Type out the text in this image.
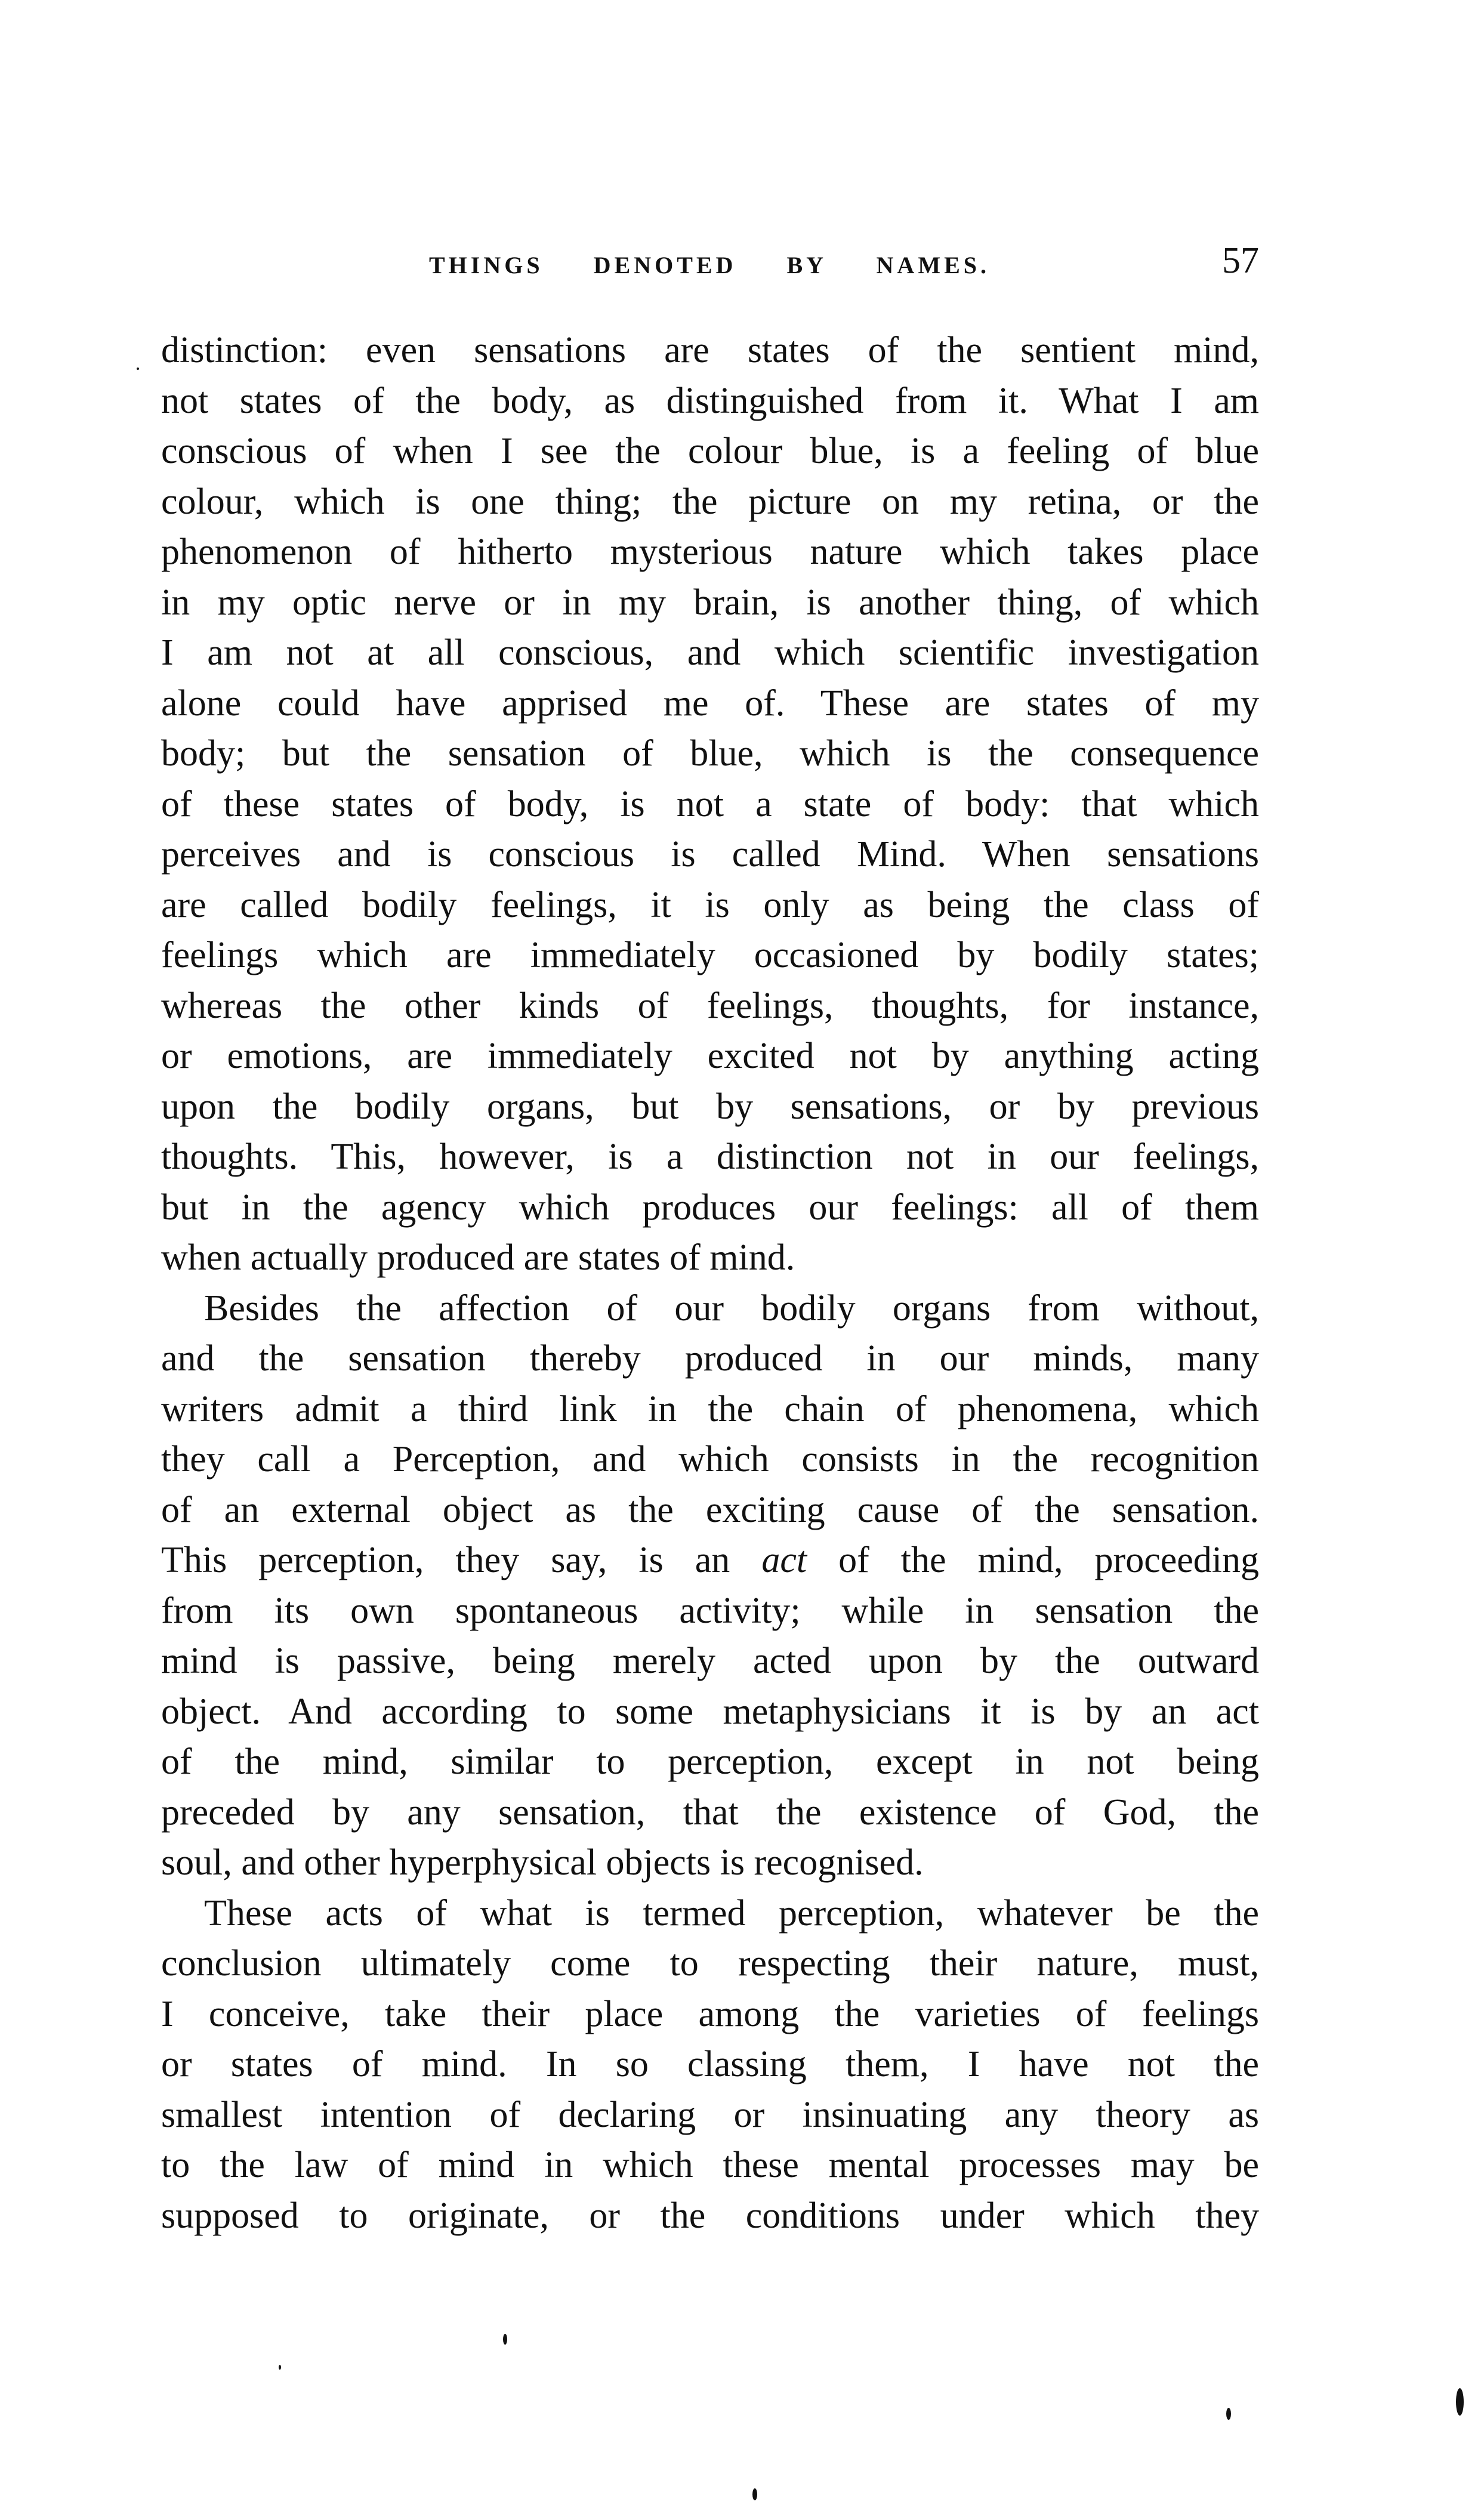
THINGS DENOTED BY NAMES.	57
distinction: even sensations are states of the sentient mind,
not states of the body, as distinguished from it. What I am
conscious of when I see the colour blue, is a feeling of blue
colour, which is one thing; the picture on my retina, or the
phenomenon of hitherto mysterious nature which takes place
in my optic nerve or in my brain, is another thing, of which
I am not at all conscious, and which scientific investigation
alone could have apprised me of. These are states of my
body; but the sensation of blue, which is the consequence
of these states of body, is not a state of body: that which
perceives and is conscious is called Mind. When sensations
are called bodily feelings, it is only as being the class of
feelings which are immediately occasioned by bodily states;
whereas the other kinds of feelings, thoughts, for instance,
or emotions, are immediately excited not by anything acting
upon the bodily organs, but by sensations, or by previous
thoughts. This, however, is a distinction not in our feelings,
but in the agency which produces our feelings: all of them
when actually produced are states of mind.
Besides the affection of our bodily organs from without,
and the sensation thereby produced in our minds, many
writers admit a third link in the chain of phenomena, which
they call a Perception, and which consists in the recognition
of an external object as the exciting cause of the sensation.
This perception, they say, is an act of the mind, proceeding
from its own spontaneous activity; while in sensation the
mind is passive, being merely acted upon by the outward
object. And according to some metaphysicians it is by an act
of the mind, similar to perception, except in not being
preceded by any sensation, that the existence of God, the
soul, and other hyperphysical objects is recognised.
These acts of what is termed perception, whatever be the
conclusion ultimately come to respecting their nature, must,
I conceive, take their place among the varieties of feelings
or states of mind. In so classing them, I have not the
smallest intention of declaring or insinuating any theory as
to the law of mind in which these mental processes may be
supposed to originate, or the conditions under which they
